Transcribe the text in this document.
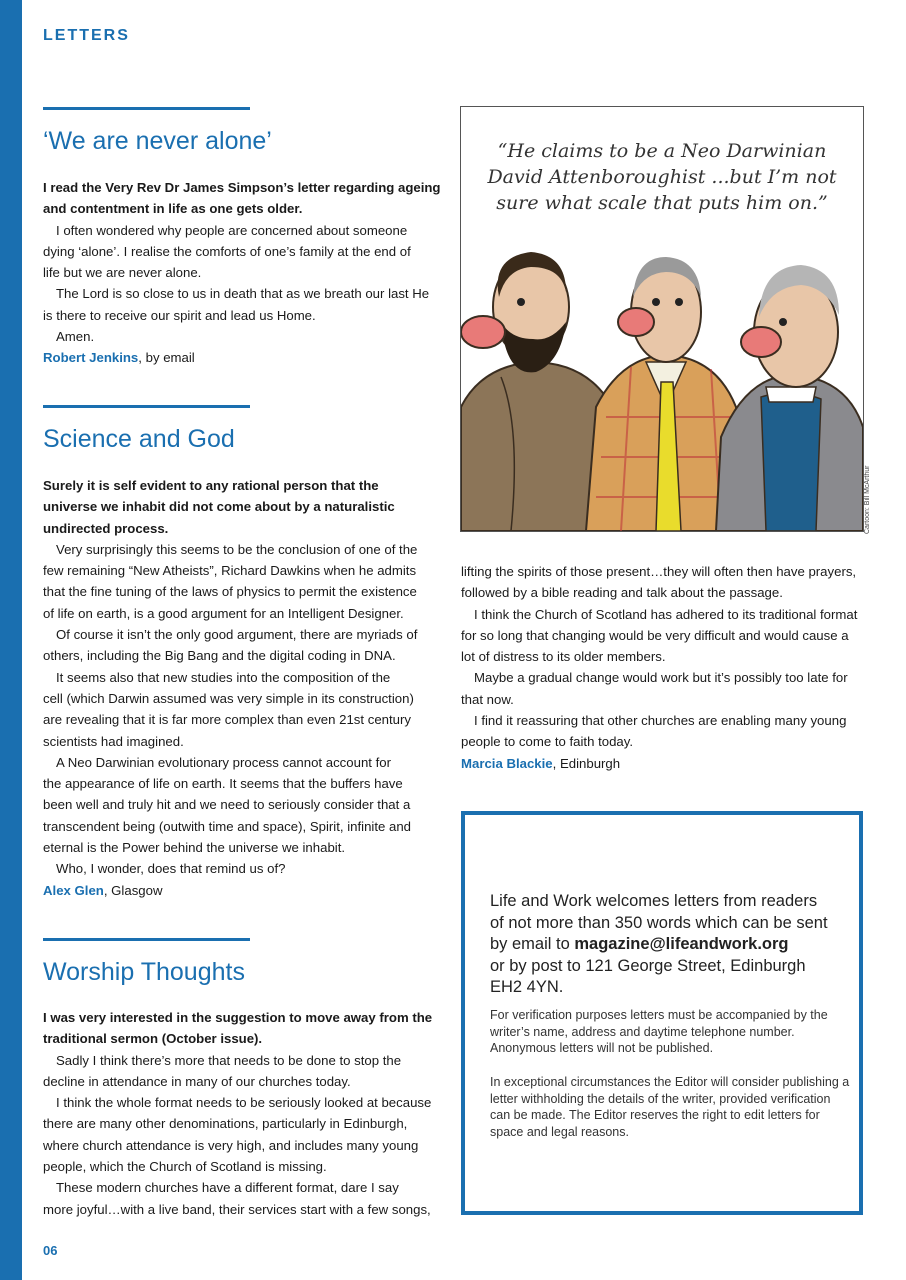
LETTERS
‘We are never alone’
I read the Very Rev Dr James Simpson’s letter regarding ageing
and contentment in life as one gets older.
I often wondered why people are concerned about someone
dying ‘alone’. I realise the comforts of one’s family at the end of
life but we are never alone.
The Lord is so close to us in death that as we breath our last He
is there to receive our spirit and lead us Home.
Amen.
Robert Jenkins, by email
Science and God
Surely it is self evident to any rational person that the
universe we inhabit did not come about by a naturalistic
undirected process.
Very surprisingly this seems to be the conclusion of one of the
few remaining “New Atheists”, Richard Dawkins when he admits
that the fine tuning of the laws of physics to permit the existence
of life on earth, is a good argument for an Intelligent Designer.
Of course it isn’t the only good argument, there are myriads of
others, including the Big Bang and the digital coding in DNA.
It seems also that new studies into the composition of the
cell (which Darwin assumed was very simple in its construction)
are revealing that it is far more complex than even 21st century
scientists had imagined.
A Neo Darwinian evolutionary process cannot account for
the appearance of life on earth. It seems that the buffers have
been well and truly hit and we need to seriously consider that a
transcendent being (outwith time and space), Spirit, infinite and
eternal is the Power behind the universe we inhabit.
Who, I wonder, does that remind us of?
Alex Glen, Glasgow
Worship Thoughts
I was very interested in the suggestion to move away from the
traditional sermon (October issue).
Sadly I think there’s more that needs to be done to stop the
decline in attendance in many of our churches today.
I think the whole format needs to be seriously looked at because
there are many other denominations, particularly in Edinburgh,
where church attendance is very high, and includes many young
people, which the Church of Scotland is missing.
These modern churches have a different format, dare I say
more joyful…with a live band, their services start with a few songs,
lifting the spirits of those present…they will often then have prayers,
followed by a bible reading and talk about the passage.
I think the Church of Scotland has adhered to its traditional format
for so long that changing would be very difficult and would cause a
lot of distress to its older members.
Maybe a gradual change would work but it’s possibly too late for
that now.
I find it reassuring that other churches are enabling many young
people to come to faith today.
Marcia Blackie, Edinburgh
“He claims to be a Neo Darwinian
David Attenboroughist ...but I’m not
sure what scale that puts him on.”
Cartoon: Bill McArthur
Life and Work welcomes letters from readers
of not more than 350 words which can be sent
by email to magazine@lifeandwork.org
or by post to 121 George Street, Edinburgh
EH2 4YN.
For verification purposes letters must be accompanied by the writer’s name, address and daytime telephone number. Anonymous letters will not be published.
In exceptional circumstances the Editor will consider publishing a letter withholding the details of the writer, provided verification can be made. The Editor reserves the right to edit letters for space and legal reasons.
06
